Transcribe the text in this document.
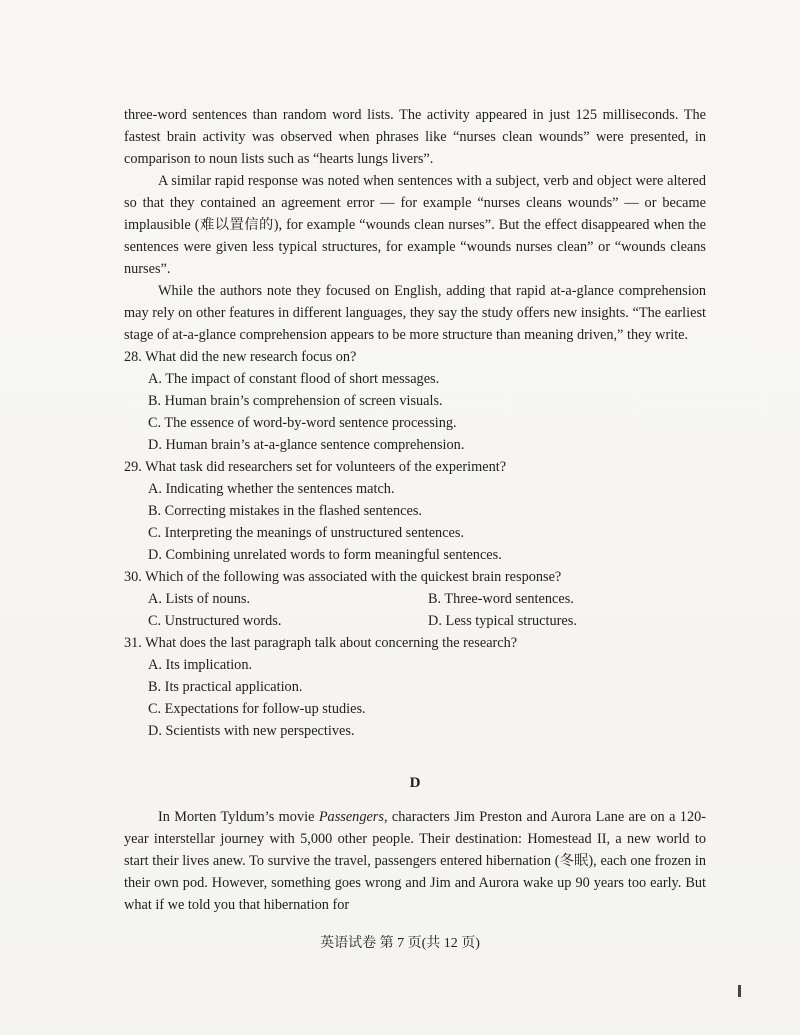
three-word sentences than random word lists. The activity appeared in just 125 milliseconds. The fastest brain activity was observed when phrases like “nurses clean wounds” were presented, in comparison to noun lists such as “hearts lungs livers”.

A similar rapid response was noted when sentences with a subject, verb and object were altered so that they contained an agreement error — for example “nurses cleans wounds” — or became implausible (难以置信的), for example “wounds clean nurses”. But the effect disappeared when the sentences were given less typical structures, for example “wounds nurses clean” or “wounds cleans nurses”.

While the authors note they focused on English, adding that rapid at-a-glance comprehension may rely on other features in different languages, they say the study offers new insights. “The earliest stage of at-a-glance comprehension appears to be more structure than meaning driven,” they write.

28. What did the new research focus on?

A. The impact of constant flood of short messages.

B. Human brain’s comprehension of screen visuals.

C. The essence of word-by-word sentence processing.

D. Human brain’s at-a-glance sentence comprehension.

29. What task did researchers set for volunteers of the experiment?

A. Indicating whether the sentences match.

B. Correcting mistakes in the flashed sentences.

C. Interpreting the meanings of unstructured sentences.

D. Combining unrelated words to form meaningful sentences.

30. Which of the following was associated with the quickest brain response?

A. Lists of nouns.	B. Three-word sentences.

C. Unstructured words.	D. Less typical structures.

31. What does the last paragraph talk about concerning the research?

A. Its implication.

B. Its practical application.

C. Expectations for follow-up studies.

D. Scientists with new perspectives.

D

In Morten Tyldum’s movie Passengers, characters Jim Preston and Aurora Lane are on a 120-year interstellar journey with 5,000 other people. Their destination: Homestead II, a new world to start their lives anew. To survive the travel, passengers entered hibernation (冬眠), each one frozen in their own pod. However, something goes wrong and Jim and Aurora wake up 90 years too early. But what if we told you that hibernation for

英语试卷 第 7 页(共 12 页)
